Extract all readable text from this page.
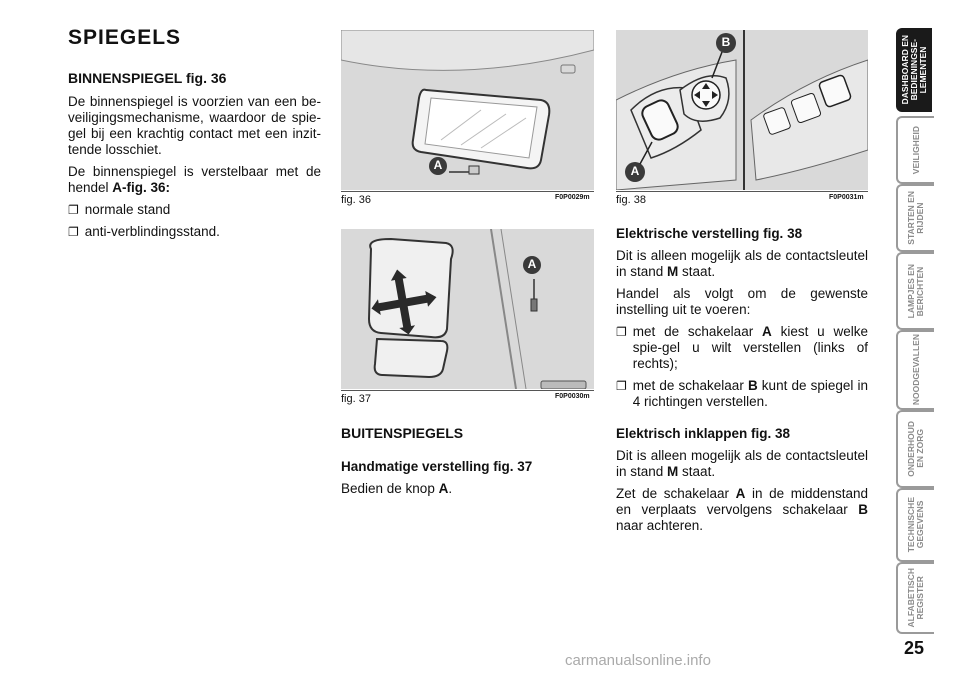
SPIEGELS
BINNENSPIEGEL fig. 36

De binnenspiegel is voorzien van een be-veiligingsmechanisme, waardoor de spie-gel bij een krachtig contact met een inzit-tende losschiet.

De binnenspiegel is verstelbaar met de hendel A-fig. 36:

❐ normale stand
❐ anti-verblindingsstand.
A
fig. 36	F0P0029m
A
fig. 37	F0P0030m
BUITENSPIEGELS
Handmatige verstelling fig. 37

Bedien de knop A.

B
A
fig. 38	F0P0031m
Elektrische verstelling fig. 38

Dit is alleen mogelijk als de contactsleutel in stand M staat.

Handel als volgt om de gewenste instelling uit te voeren:

❐ met de schakelaar A kiest u welke spie-gel u wilt verstellen (links of rechts);
❐ met de schakelaar B kunt de spiegel in 4 richtingen verstellen.
Elektrisch inklappen fig. 38

Dit is alleen mogelijk als de contactsleutel in stand M staat.

Zet de schakelaar A in de middenstand en verplaats vervolgens schakelaar B naar achteren.

DASHBOARD EN
BEDIENINGSE-
LEMENTEN
VEILIGHEID
STARTEN EN
RIJDEN
LAMPJES EN
BERICHTEN
NOODGEVALLEN
ONDERHOUD
EN ZORG
TECHNISCHE
GEGEVENS
ALFABETISCH
REGISTER
25
carmanualsonline.info
